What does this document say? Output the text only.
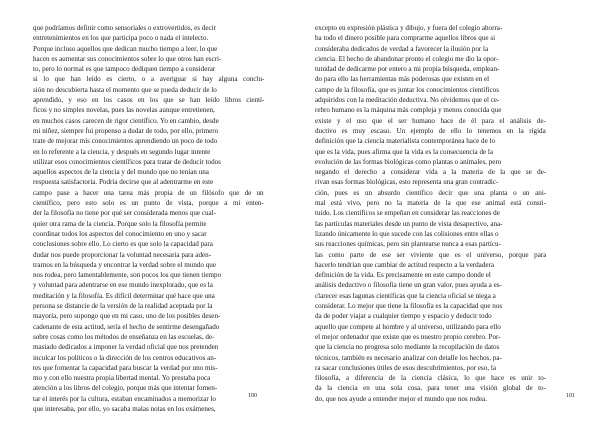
que podríamos definir como sensoriales o extrovertidos, es decir
entretenimientos en los que participa poco o nada el intelecto.
Porque incluso aquellos que dedican mucho tiempo a leer, lo que
hacen es aumentar sus conocimientos sobre lo que otros han escri-
to, pero lo normal es que tampoco dediquen tiempo a considerar
si lo que han leído es cierto, o a averiguar si hay alguna conclu-
sión no descubierta hasta el momento que se pueda deducir de lo
aprendido, y eso en los casos en los que se han leído libros cientí-
ficos y no simples novelas, pues las novelas aunque entretienen,
en muchos casos carecen de rigor científico. Yo en cambio, desde
mi niñez, siempre fui propenso a dudar de todo, por ello, primero
trate de mejorar mis conocimientos aprendiendo un poco de todo
en lo referente a la ciencia, y después en segundo lugar intente
utilizar esos conocimientos científicos para tratar de deducir todos
aquellos aspectos de la ciencia y del mundo que no tenían una
respuesta satisfactoria. Podría decirse que al adentrarme en este
campo pase a hacer una tarea más propia de un filósofo que de un
científico, pero esto solo es un punto de vista, porque a mi enten-
der la filosofía no tiene por qué ser considerada menos que cual-
quier otra rama de la ciencia. Porque solo la filosofía permite
coordinar todos los aspectos del conocimiento en uno y sacar
conclusiones sobre ello. Lo cierto es que solo la capacidad para
dudar nos puede proporcionar la voluntad necesaria para aden-
trarnos en la búsqueda y encontrar la verdad sobre el mundo que
nos rodea, pero lamentablemente, son pocos los que tienen tiempo
y voluntad para adentrarse en ese mundo inexplorado, que es la
meditación y la filosofía. Es difícil determinar qué hace que una
persona se distancie de la versión de la realidad aceptada por la
mayoría, pero supongo que en mi caso, uno de los posibles desen-
cadenante de esta actitud, sería el hecho de sentirme desengañado
sobre cosas como los métodos de enseñanza en las escuelas, de-
masiado dedicados a imponer la verdad oficial que nos pretenden
inculcar los políticos o la dirección de los centros educativos an-
tes que fomentar la capacidad para buscar la verdad por uno mis-
mo y con ello nuestra propia libertad mental. Yo prestaba poca
atención a los libros del colegio, porque más que intentar fomen-
tar el interés por la cultura, estaban encaminados a memorizar lo
que interesaba, por ello, yo sacaba malas notas en los exámenes,
100
excepto en expresión plástica y dibujo, y fuera del colegio ahorra-
ba todo el dinero posible para comprarme aquellos libros que si
consideraba dedicados de verdad a favorecer la ilusión por la
ciencia. El hecho de abandonar pronto el colegio me dio la opor-
tunidad de dedicarme por entero a mi propia búsqueda, emplean-
do para ello las herramientas más poderosas que existen en el
campo de la filosofía, que es juntar los conocimientos científicos
adquiridos con la meditación deductiva. No olvidemos que el ce-
rebro humano es la máquina más compleja y menos conocida que
existe y el uso que el ser humano hace de él para el análisis de-
ductivo es muy escaso. Un ejemplo de ello lo tenemos en la rígida
definición que la ciencia materialista contemporánea hace de lo
que es la vida, pues afirma que la vida es la consecuencia de la
evolución de las formas biológicas como plantas o animales, pero
negando el derecho a considerar vida a la materia de la que se de-
rivan esas formas biológicas, esto representa una gran contradic-
ción, pues es un absurdo científico decir que una planta o un ani-
mal está vivo, pero no la materia de la que ese animal está consti-
tuido. Los científicos se empeñan en considerar las reacciones de
las partículas materiales desde un punto de vista desapectivo, ana-
lizando únicamente lo que sucede con las colisiones entre ellas o
sus reacciones químicas, pero sin plantearse nunca a esas partícu-
las como parte de ese ser viviente que es el universo, porque para
hacerlo tendrían que cambiar de actitud respecto a la verdadera
definición de la vida. Es precisamente en este campo donde el
análisis deductivo o filosofía tiene un gran valor, pues ayuda a es-
clarecer esas lagunas científicas que la ciencia oficial se niega a
considerar. Lo mejor que tiene la filosofía es la capacidad que nos
da de poder viajar a cualquier tiempo y espacio y deducir todo
aquello que compete al hombre y al universo, utilizando para ello
el mejor ordenador que existe que es nuestro propio cerebro. Por-
que la ciencia no progresa solo mediante la recopilación de datos
técnicos, también es necesario analizar con detalle los hechos, pa-
ra sacar conclusiones útiles de esos descubrimientos, por eso, la
filosofía, a diferencia de la ciencia clásica, lo que hace es unir to-
da la ciencia en una sola cosa, para tener una visión global de to-
do, que nos ayude a entender mejor el mundo que nos rodea.	101
